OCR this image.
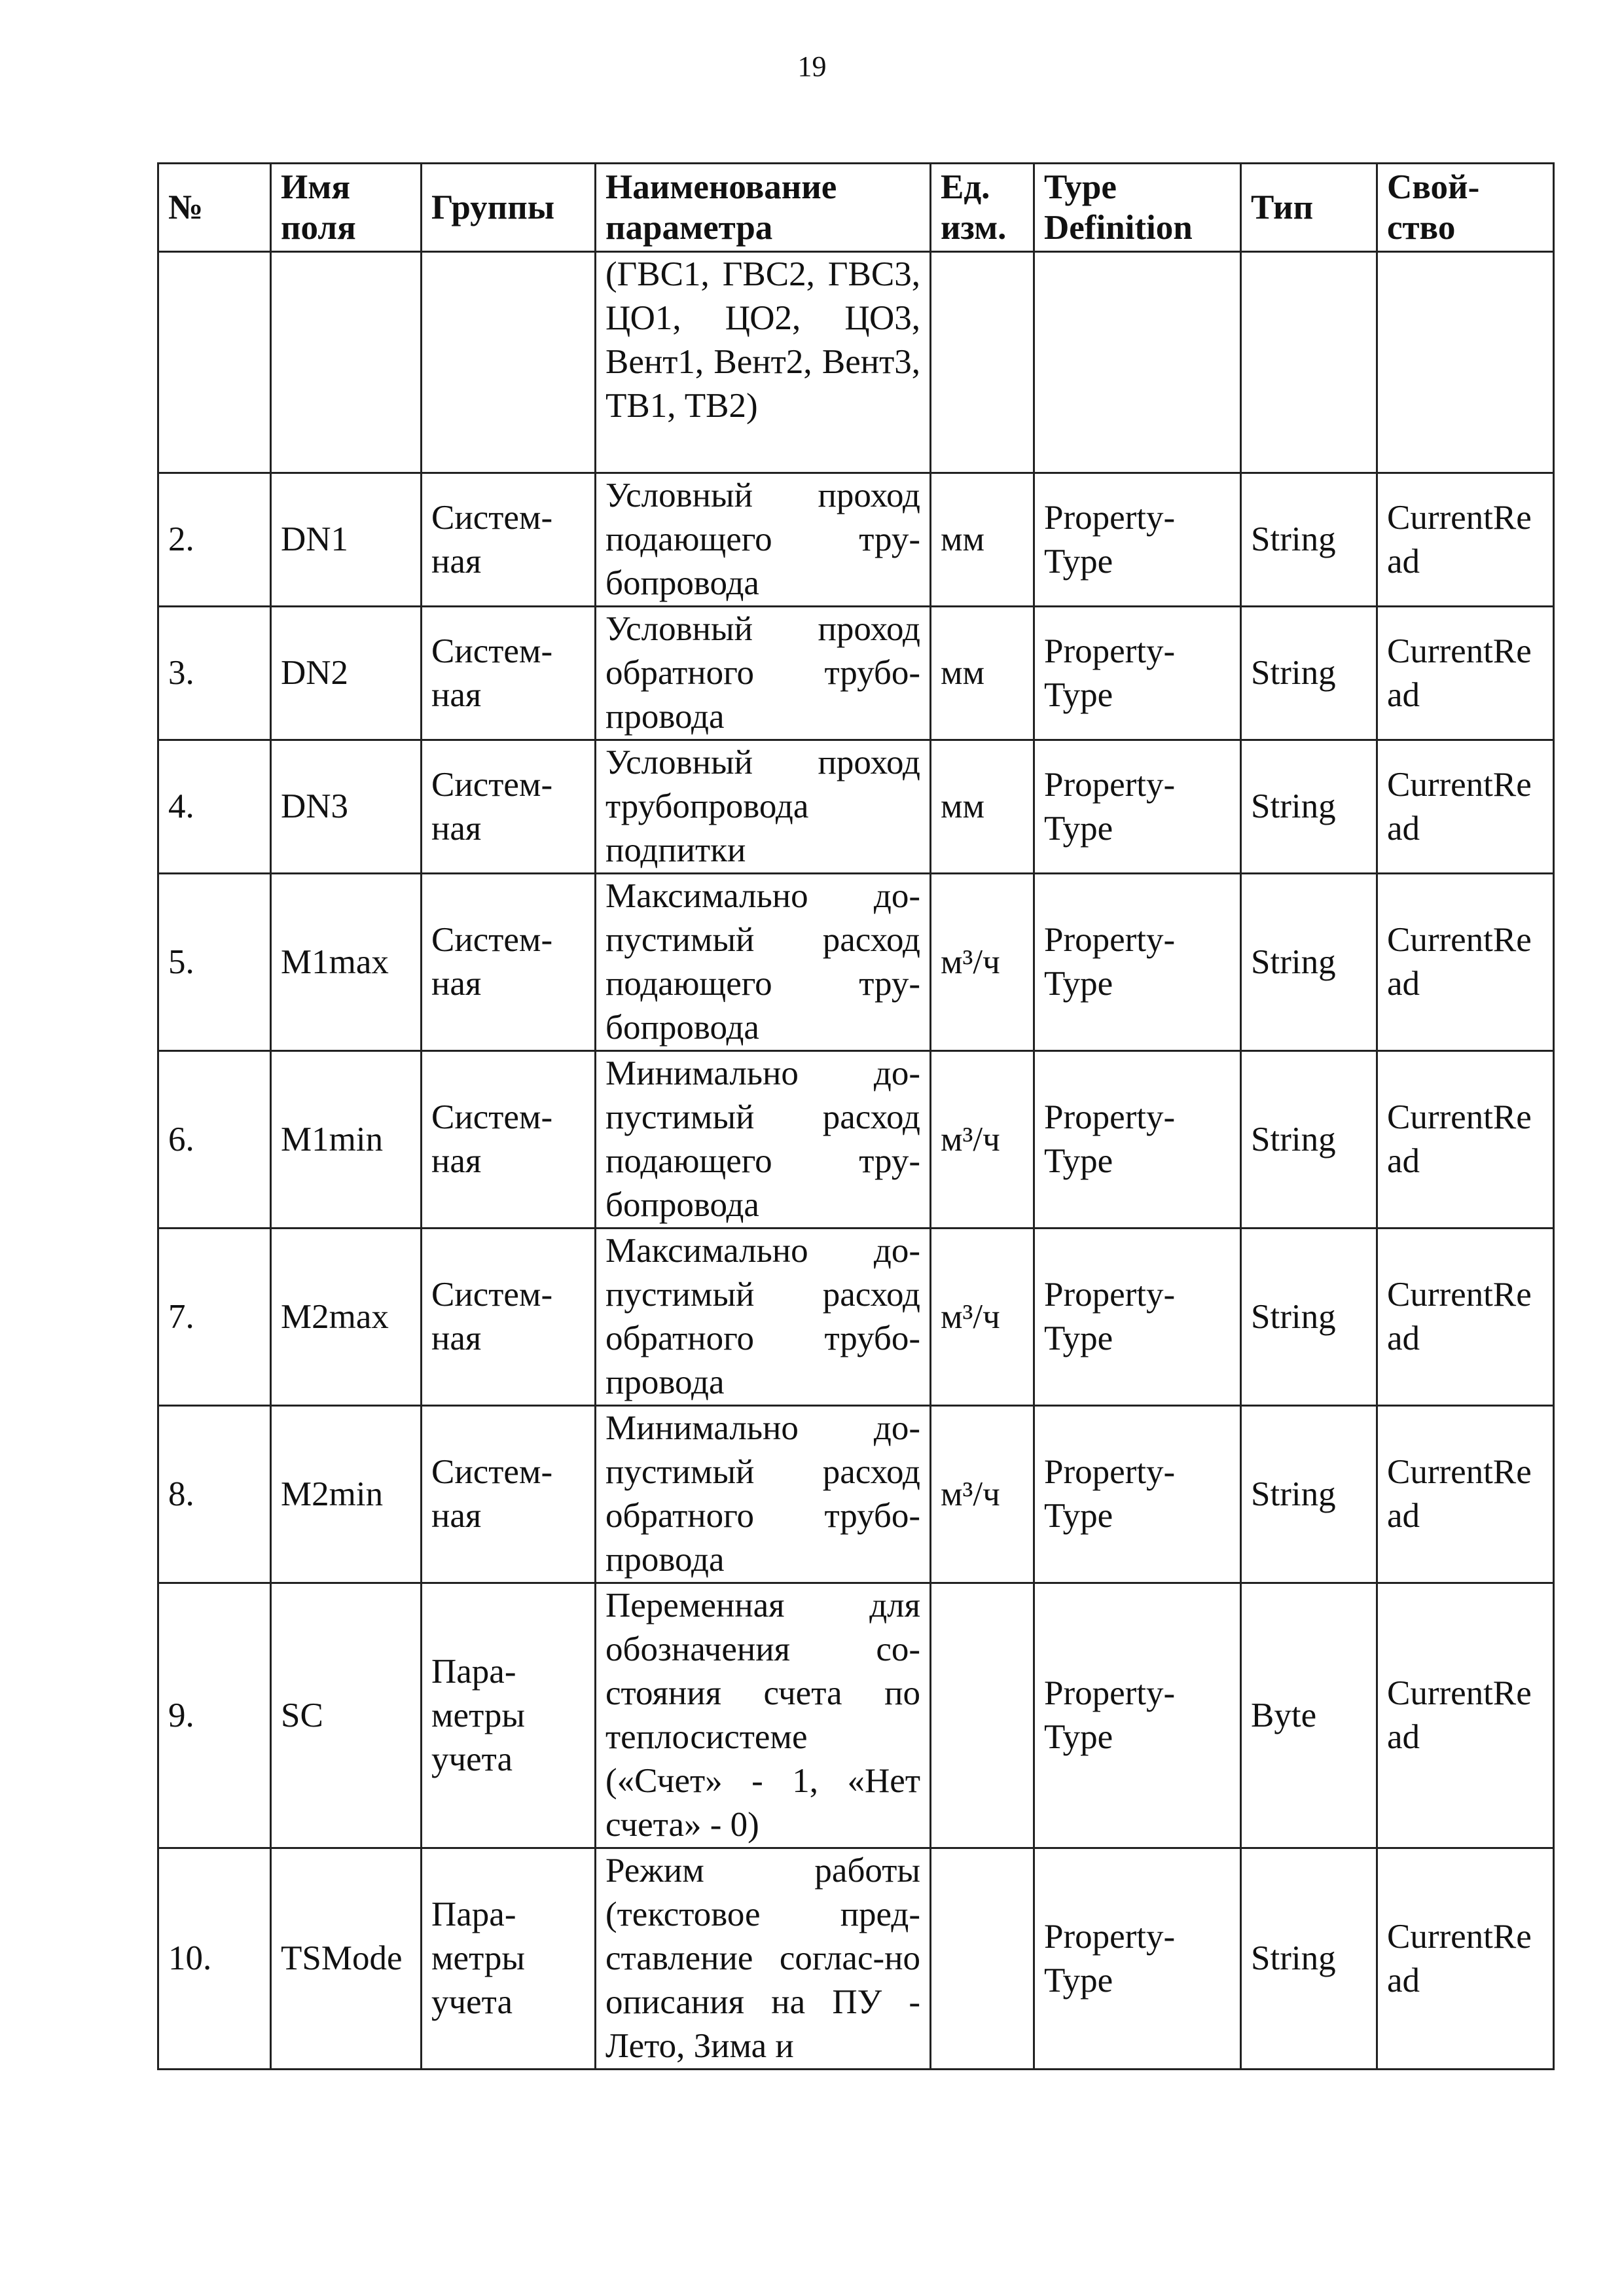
19
№	Имя поля	Группы	Наименование параметра	Ед. изм.	Type Definition	Тип	Свой-ство
			(ГВС1, ГВС2, ГВС3, ЦО1, ЦО2, ЦО3, Вент1, Вент2, Вент3, ТВ1, ТВ2)				
2.	DN1	Систем-ная	Условный проход подающего тру-бопровода	мм	Property-Type	String	CurrentRead
3.	DN2	Систем-ная	Условный проход обратного трубо-провода	мм	Property-Type	String	CurrentRead
4.	DN3	Систем-ная	Условный проход трубопровода подпитки	мм	Property-Type	String	CurrentRead
5.	M1max	Систем-ная	Максимально до-пустимый расход подающего тру-бопровода	м³/ч	Property-Type	String	CurrentRead
6.	M1min	Систем-ная	Минимально до-пустимый расход подающего тру-бопровода	м³/ч	Property-Type	String	CurrentRead
7.	M2max	Систем-ная	Максимально до-пустимый расход обратного трубо-провода	м³/ч	Property-Type	String	CurrentRead
8.	M2min	Систем-ная	Минимально до-пустимый расход обратного трубо-провода	м³/ч	Property-Type	String	CurrentRead
9.	SC	Пара-метры учета	Переменная для обозначения со-стояния счета по теплосистеме («Счет» - 1, «Нет счета» - 0)		Property-Type	Byte	CurrentRead
10.	TSMode	Пара-метры учета	Режим работы (текстовое пред-ставление соглас-но описания на ПУ - Лето, Зима и		Property-Type	String	CurrentRead
